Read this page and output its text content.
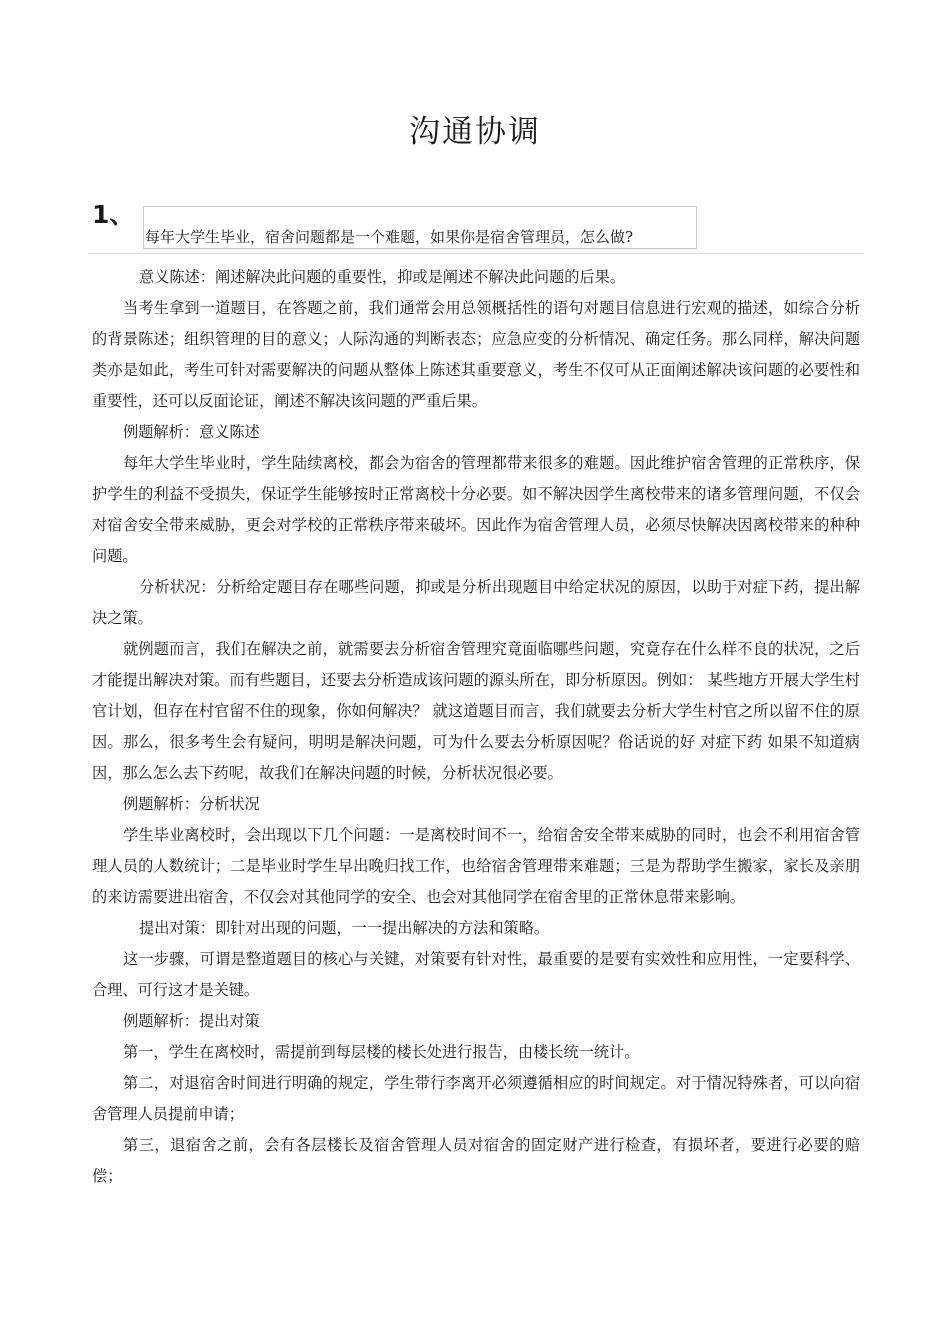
沟通协调
1、
每年大学生毕业，宿舍问题都是一个难题，如果你是宿舍管理员，怎么做?

意义陈述：阐述解决此问题的重要性，抑或是阐述不解决此问题的后果。

当考生拿到一道题目，在答题之前，我们通常会用总领概括性的语句对题目信息进行宏观的描述，如综合分析的背景陈述；组织管理的目的意义；人际沟通的判断表态；应急应变的分析情况、确定任务。那么同样，解决问题类亦是如此，考生可针对需要解决的问题从整体上陈述其重要意义，考生不仅可从正面阐述解决该问题的必要性和重要性，还可以反面论证，阐述不解决该问题的严重后果。

例题解析：意义陈述

每年大学生毕业时，学生陆续离校，都会为宿舍的管理都带来很多的难题。因此维护宿舍管理的正常秩序，保护学生的利益不受损失，保证学生能够按时正常离校十分必要。如不解决因学生离校带来的诸多管理问题，不仅会对宿舍安全带来威胁，更会对学校的正常秩序带来破坏。因此作为宿舍管理人员，必须尽快解决因离校带来的种种问题。

分析状况：分析给定题目存在哪些问题，抑或是分析出现题目中给定状况的原因，以助于对症下药，提出解决之策。

就例题而言，我们在解决之前，就需要去分析宿舍管理究竟面临哪些问题，究竟存在什么样不良的状况，之后才能提出解决对策。而有些题目，还要去分析造成该问题的源头所在，即分析原因。例如： 某些地方开展大学生村官计划，但存在村官留不住的现象，你如何解决？ 就这道题目而言，我们就要去分析大学生村官之所以留不住的原因。那么，很多考生会有疑问，明明是解决问题，可为什么要去分析原因呢？俗话说的好 对症下药 如果不知道病因，那么怎么去下药呢，故我们在解决问题的时候，分析状况很必要。

例题解析：分析状况

学生毕业离校时，会出现以下几个问题：一是离校时间不一，给宿舍安全带来威胁的同时，也会不利用宿舍管理人员的人数统计；二是毕业时学生早出晚归找工作，也给宿舍管理带来难题；三是为帮助学生搬家，家长及亲朋的来访需要进出宿舍，不仅会对其他同学的安全、也会对其他同学在宿舍里的正常休息带来影响。

提出对策：即针对出现的问题，一一提出解决的方法和策略。

这一步骤，可谓是整道题目的核心与关键，对策要有针对性，最重要的是要有实效性和应用性，一定要科学、合理、可行这才是关键。

例题解析：提出对策

第一，学生在离校时，需提前到每层楼的楼长处进行报告，由楼长统一统计。

第二，对退宿舍时间进行明确的规定，学生带行李离开必须遵循相应的时间规定。对于情况特殊者，可以向宿舍管理人员提前申请；

第三，退宿舍之前，会有各层楼长及宿舍管理人员对宿舍的固定财产进行检查，有损坏者，要进行必要的赔偿；
